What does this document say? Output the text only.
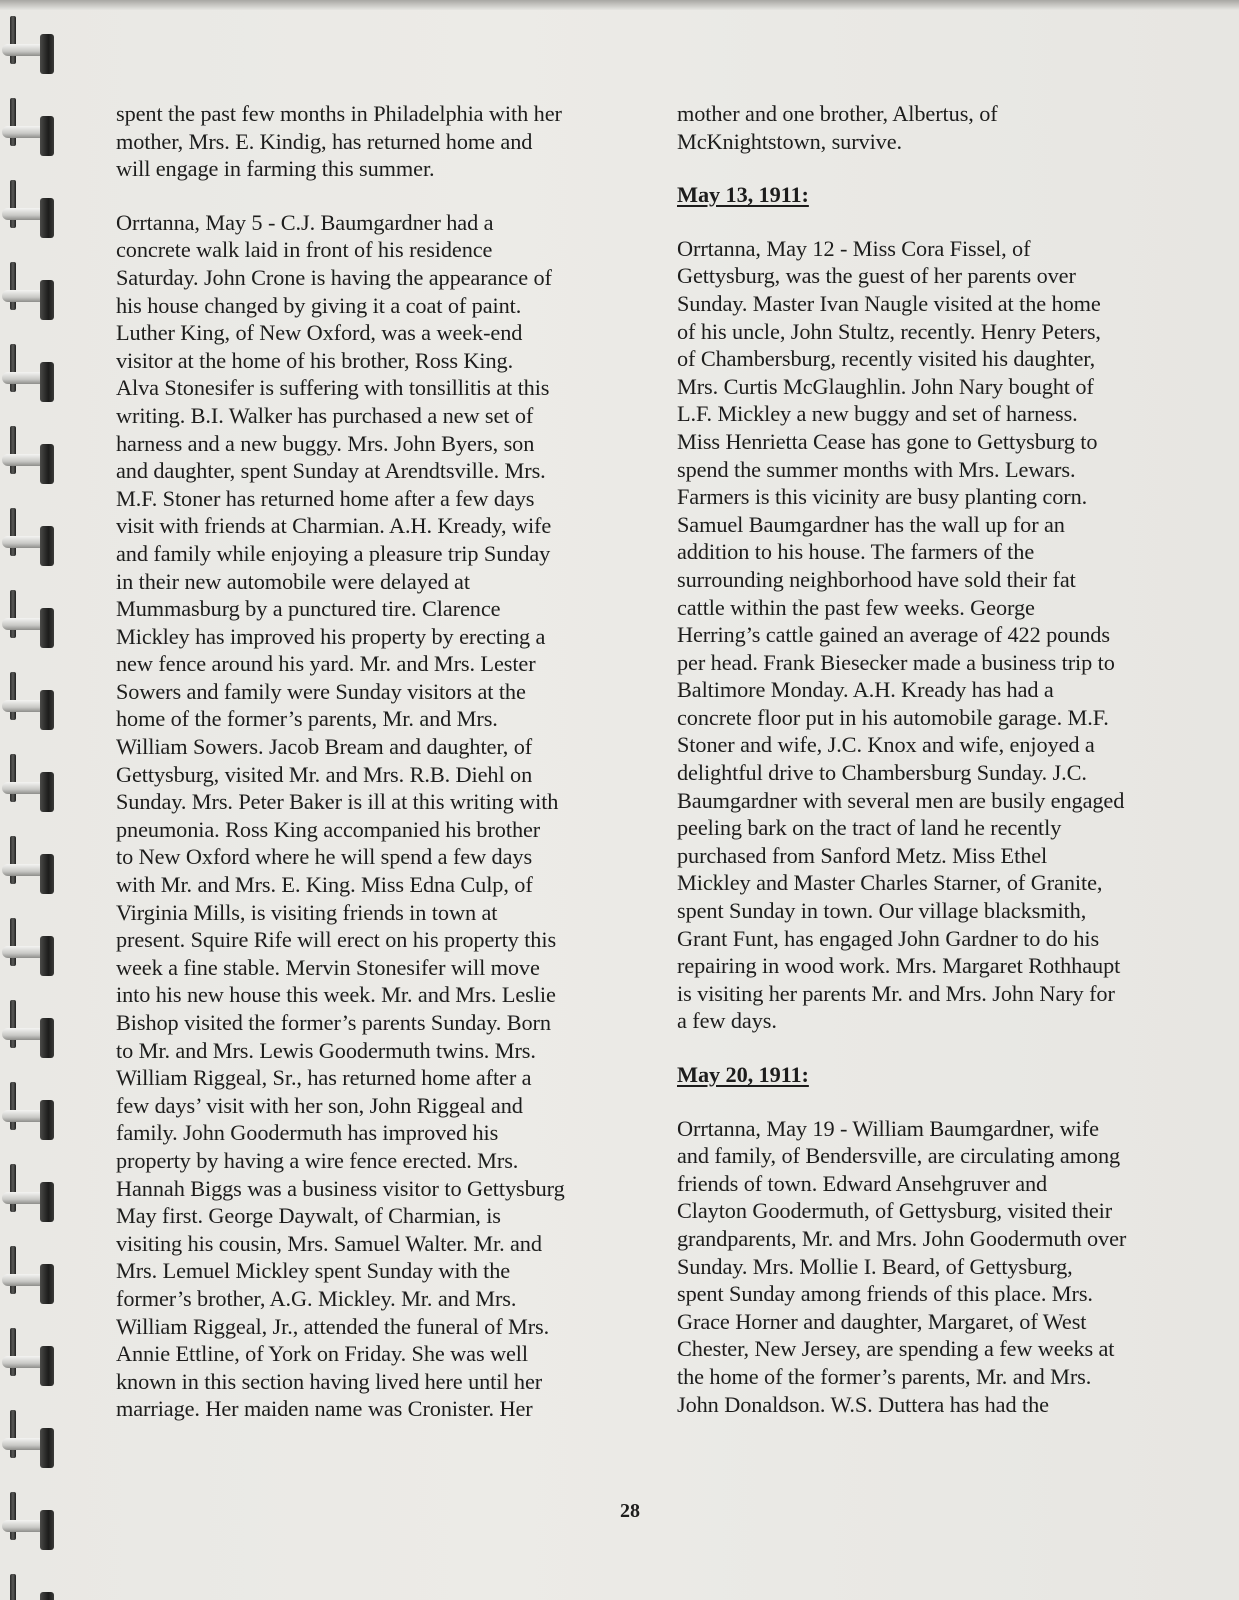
spent the past few months in Philadelphia with her
mother, Mrs. E. Kindig, has returned home and
will engage in farming this summer.

Orrtanna, May 5 - C.J. Baumgardner had a
concrete walk laid in front of his residence
Saturday. John Crone is having the appearance of
his house changed by giving it a coat of paint.
Luther King, of New Oxford, was a week-end
visitor at the home of his brother, Ross King.
Alva Stonesifer is suffering with tonsillitis at this
writing. B.I. Walker has purchased a new set of
harness and a new buggy. Mrs. John Byers, son
and daughter, spent Sunday at Arendtsville. Mrs.
M.F. Stoner has returned home after a few days
visit with friends at Charmian. A.H. Kready, wife
and family while enjoying a pleasure trip Sunday
in their new automobile were delayed at
Mummasburg by a punctured tire. Clarence
Mickley has improved his property by erecting a
new fence around his yard. Mr. and Mrs. Lester
Sowers and family were Sunday visitors at the
home of the former’s parents, Mr. and Mrs.
William Sowers. Jacob Bream and daughter, of
Gettysburg, visited Mr. and Mrs. R.B. Diehl on
Sunday. Mrs. Peter Baker is ill at this writing with
pneumonia. Ross King accompanied his brother
to New Oxford where he will spend a few days
with Mr. and Mrs. E. King. Miss Edna Culp, of
Virginia Mills, is visiting friends in town at
present. Squire Rife will erect on his property this
week a fine stable. Mervin Stonesifer will move
into his new house this week. Mr. and Mrs. Leslie
Bishop visited the former’s parents Sunday. Born
to Mr. and Mrs. Lewis Goodermuth twins. Mrs.
William Riggeal, Sr., has returned home after a
few days’ visit with her son, John Riggeal and
family. John Goodermuth has improved his
property by having a wire fence erected. Mrs.
Hannah Biggs was a business visitor to Gettysburg
May first. George Daywalt, of Charmian, is
visiting his cousin, Mrs. Samuel Walter. Mr. and
Mrs. Lemuel Mickley spent Sunday with the
former’s brother, A.G. Mickley. Mr. and Mrs.
William Riggeal, Jr., attended the funeral of Mrs.
Annie Ettline, of York on Friday. She was well
known in this section having lived here until her
marriage. Her maiden name was Cronister. Her

mother and one brother, Albertus, of
McKnightstown, survive.

May 13, 1911:

Orrtanna, May 12 - Miss Cora Fissel, of
Gettysburg, was the guest of her parents over
Sunday. Master Ivan Naugle visited at the home
of his uncle, John Stultz, recently. Henry Peters,
of Chambersburg, recently visited his daughter,
Mrs. Curtis McGlaughlin. John Nary bought of
L.F. Mickley a new buggy and set of harness.
Miss Henrietta Cease has gone to Gettysburg to
spend the summer months with Mrs. Lewars.
Farmers is this vicinity are busy planting corn.
Samuel Baumgardner has the wall up for an
addition to his house. The farmers of the
surrounding neighborhood have sold their fat
cattle within the past few weeks. George
Herring’s cattle gained an average of 422 pounds
per head. Frank Biesecker made a business trip to
Baltimore Monday. A.H. Kready has had a
concrete floor put in his automobile garage. M.F.
Stoner and wife, J.C. Knox and wife, enjoyed a
delightful drive to Chambersburg Sunday. J.C.
Baumgardner with several men are busily engaged
peeling bark on the tract of land he recently
purchased from Sanford Metz. Miss Ethel
Mickley and Master Charles Starner, of Granite,
spent Sunday in town. Our village blacksmith,
Grant Funt, has engaged John Gardner to do his
repairing in wood work. Mrs. Margaret Rothhaupt
is visiting her parents Mr. and Mrs. John Nary for
a few days.

May 20, 1911:

Orrtanna, May 19 - William Baumgardner, wife
and family, of Bendersville, are circulating among
friends of town. Edward Ansehgruver and
Clayton Goodermuth, of Gettysburg, visited their
grandparents, Mr. and Mrs. John Goodermuth over
Sunday. Mrs. Mollie I. Beard, of Gettysburg,
spent Sunday among friends of this place. Mrs.
Grace Horner and daughter, Margaret, of West
Chester, New Jersey, are spending a few weeks at
the home of the former’s parents, Mr. and Mrs.
John Donaldson. W.S. Duttera has had the

28
